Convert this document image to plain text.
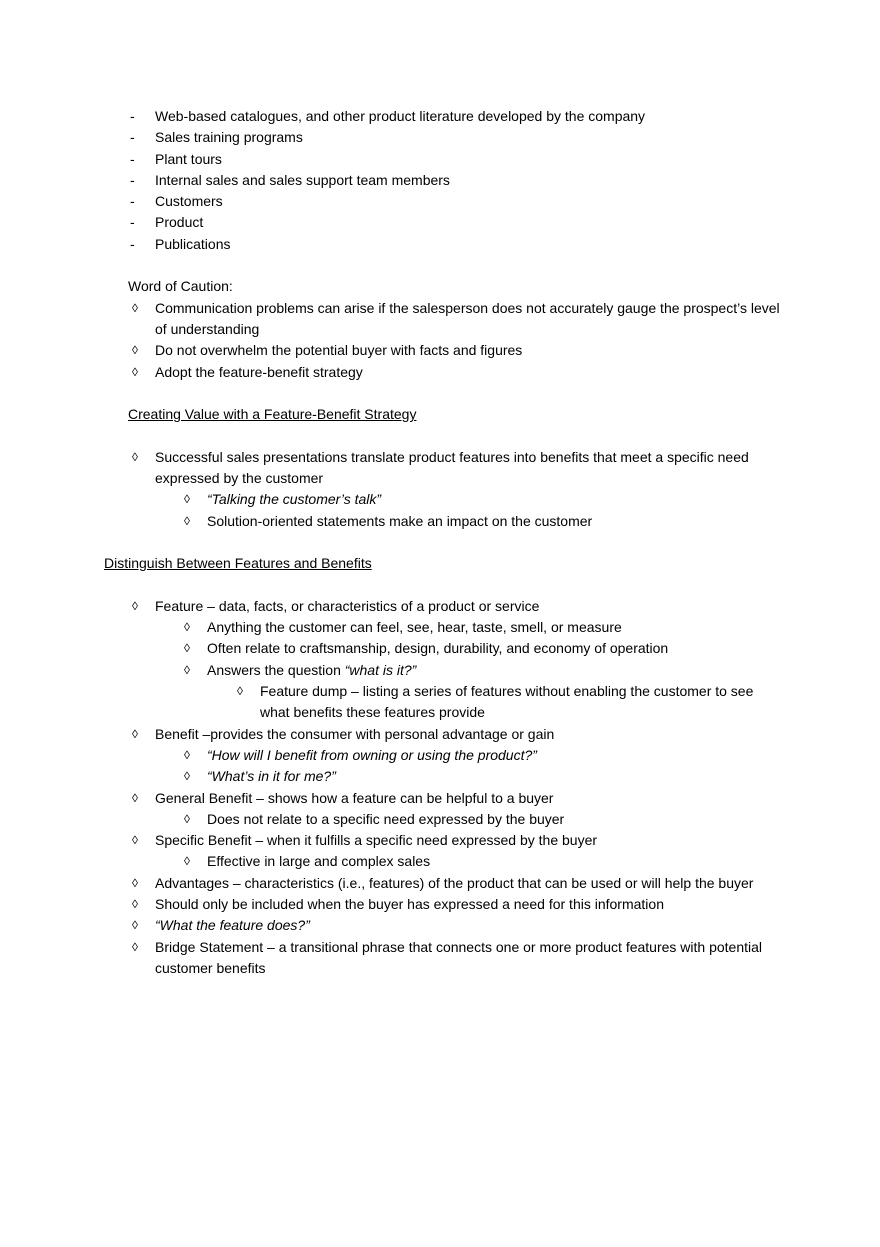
-	Web-based catalogues, and other product literature developed by the company
-	Sales training programs
-	Plant tours
-	Internal sales and sales support team members
-	Customers
-	Product
-	Publications
Word of Caution:
◊	Communication problems can arise if the salesperson does not accurately gauge the prospect’s level of understanding
◊	Do not overwhelm the potential buyer with facts and figures
◊	Adopt the feature-benefit strategy
Creating Value with a Feature-Benefit Strategy
◊	Successful sales presentations translate product features into benefits that meet a specific need expressed by the customer
◊	“Talking the customer’s talk”
◊	Solution-oriented statements make an impact on the customer
Distinguish Between Features and Benefits
◊	Feature – data, facts, or characteristics of a product or service
◊	Anything the customer can feel, see, hear, taste, smell, or measure
◊	Often relate to craftsmanship, design, durability, and economy of operation
◊	Answers the question “what is it?”
◊	Feature dump – listing a series of features without enabling the customer to see what benefits these features provide
◊	Benefit –provides the consumer with personal advantage or gain
◊	“How will I benefit from owning or using the product?”
◊	“What’s in it for me?”
◊	General Benefit – shows how a feature can be helpful to a buyer
◊	Does not relate to a specific need expressed by the buyer
◊	Specific Benefit – when it fulfills a specific need expressed by the buyer
◊	Effective in large and complex sales
◊	Advantages – characteristics (i.e., features) of the product that can be used or will help the buyer
◊	Should only be included when the buyer has expressed a need for this information
◊	“What the feature does?”
◊	Bridge Statement – a transitional phrase that connects one or more product features with potential customer benefits
